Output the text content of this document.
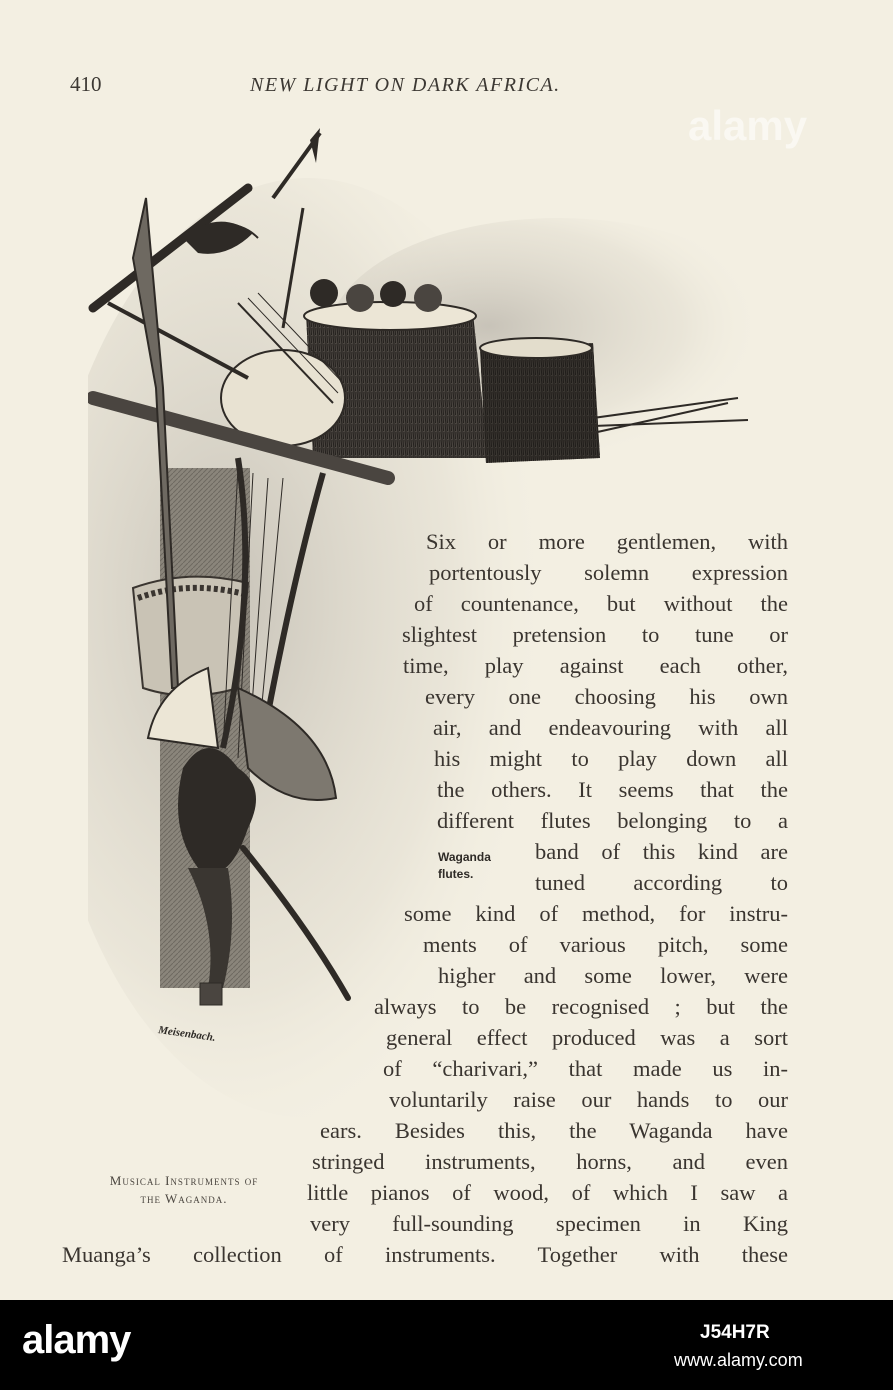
410	NEW LIGHT ON DARK AFRICA.
Meisenbach.
Six or more gentlemen, with
portentously solemn expression
of countenance, but without the
slightest pretension to tune or
time, play against each other,
every one choosing his own
air, and endeavouring with all
his might to play down all
the others. It seems that the
different flutes belonging to a
band of this kind are
tuned according to
some kind of method, for instru-
ments of various pitch, some
higher and some lower, were
always to be recognised ; but the
general effect produced was a sort
of “charivari,” that made us in-
voluntarily raise our hands to our
ears. Besides this, the Waganda have
stringed instruments, horns, and even
little pianos of wood, of which I saw a
very full-sounding specimen in King
Muanga’s collection of instruments. Together with these
Waganda
flutes.
Musical Instruments of
the Waganda.
alamy
alamy	J54H7R
www.alamy.com
